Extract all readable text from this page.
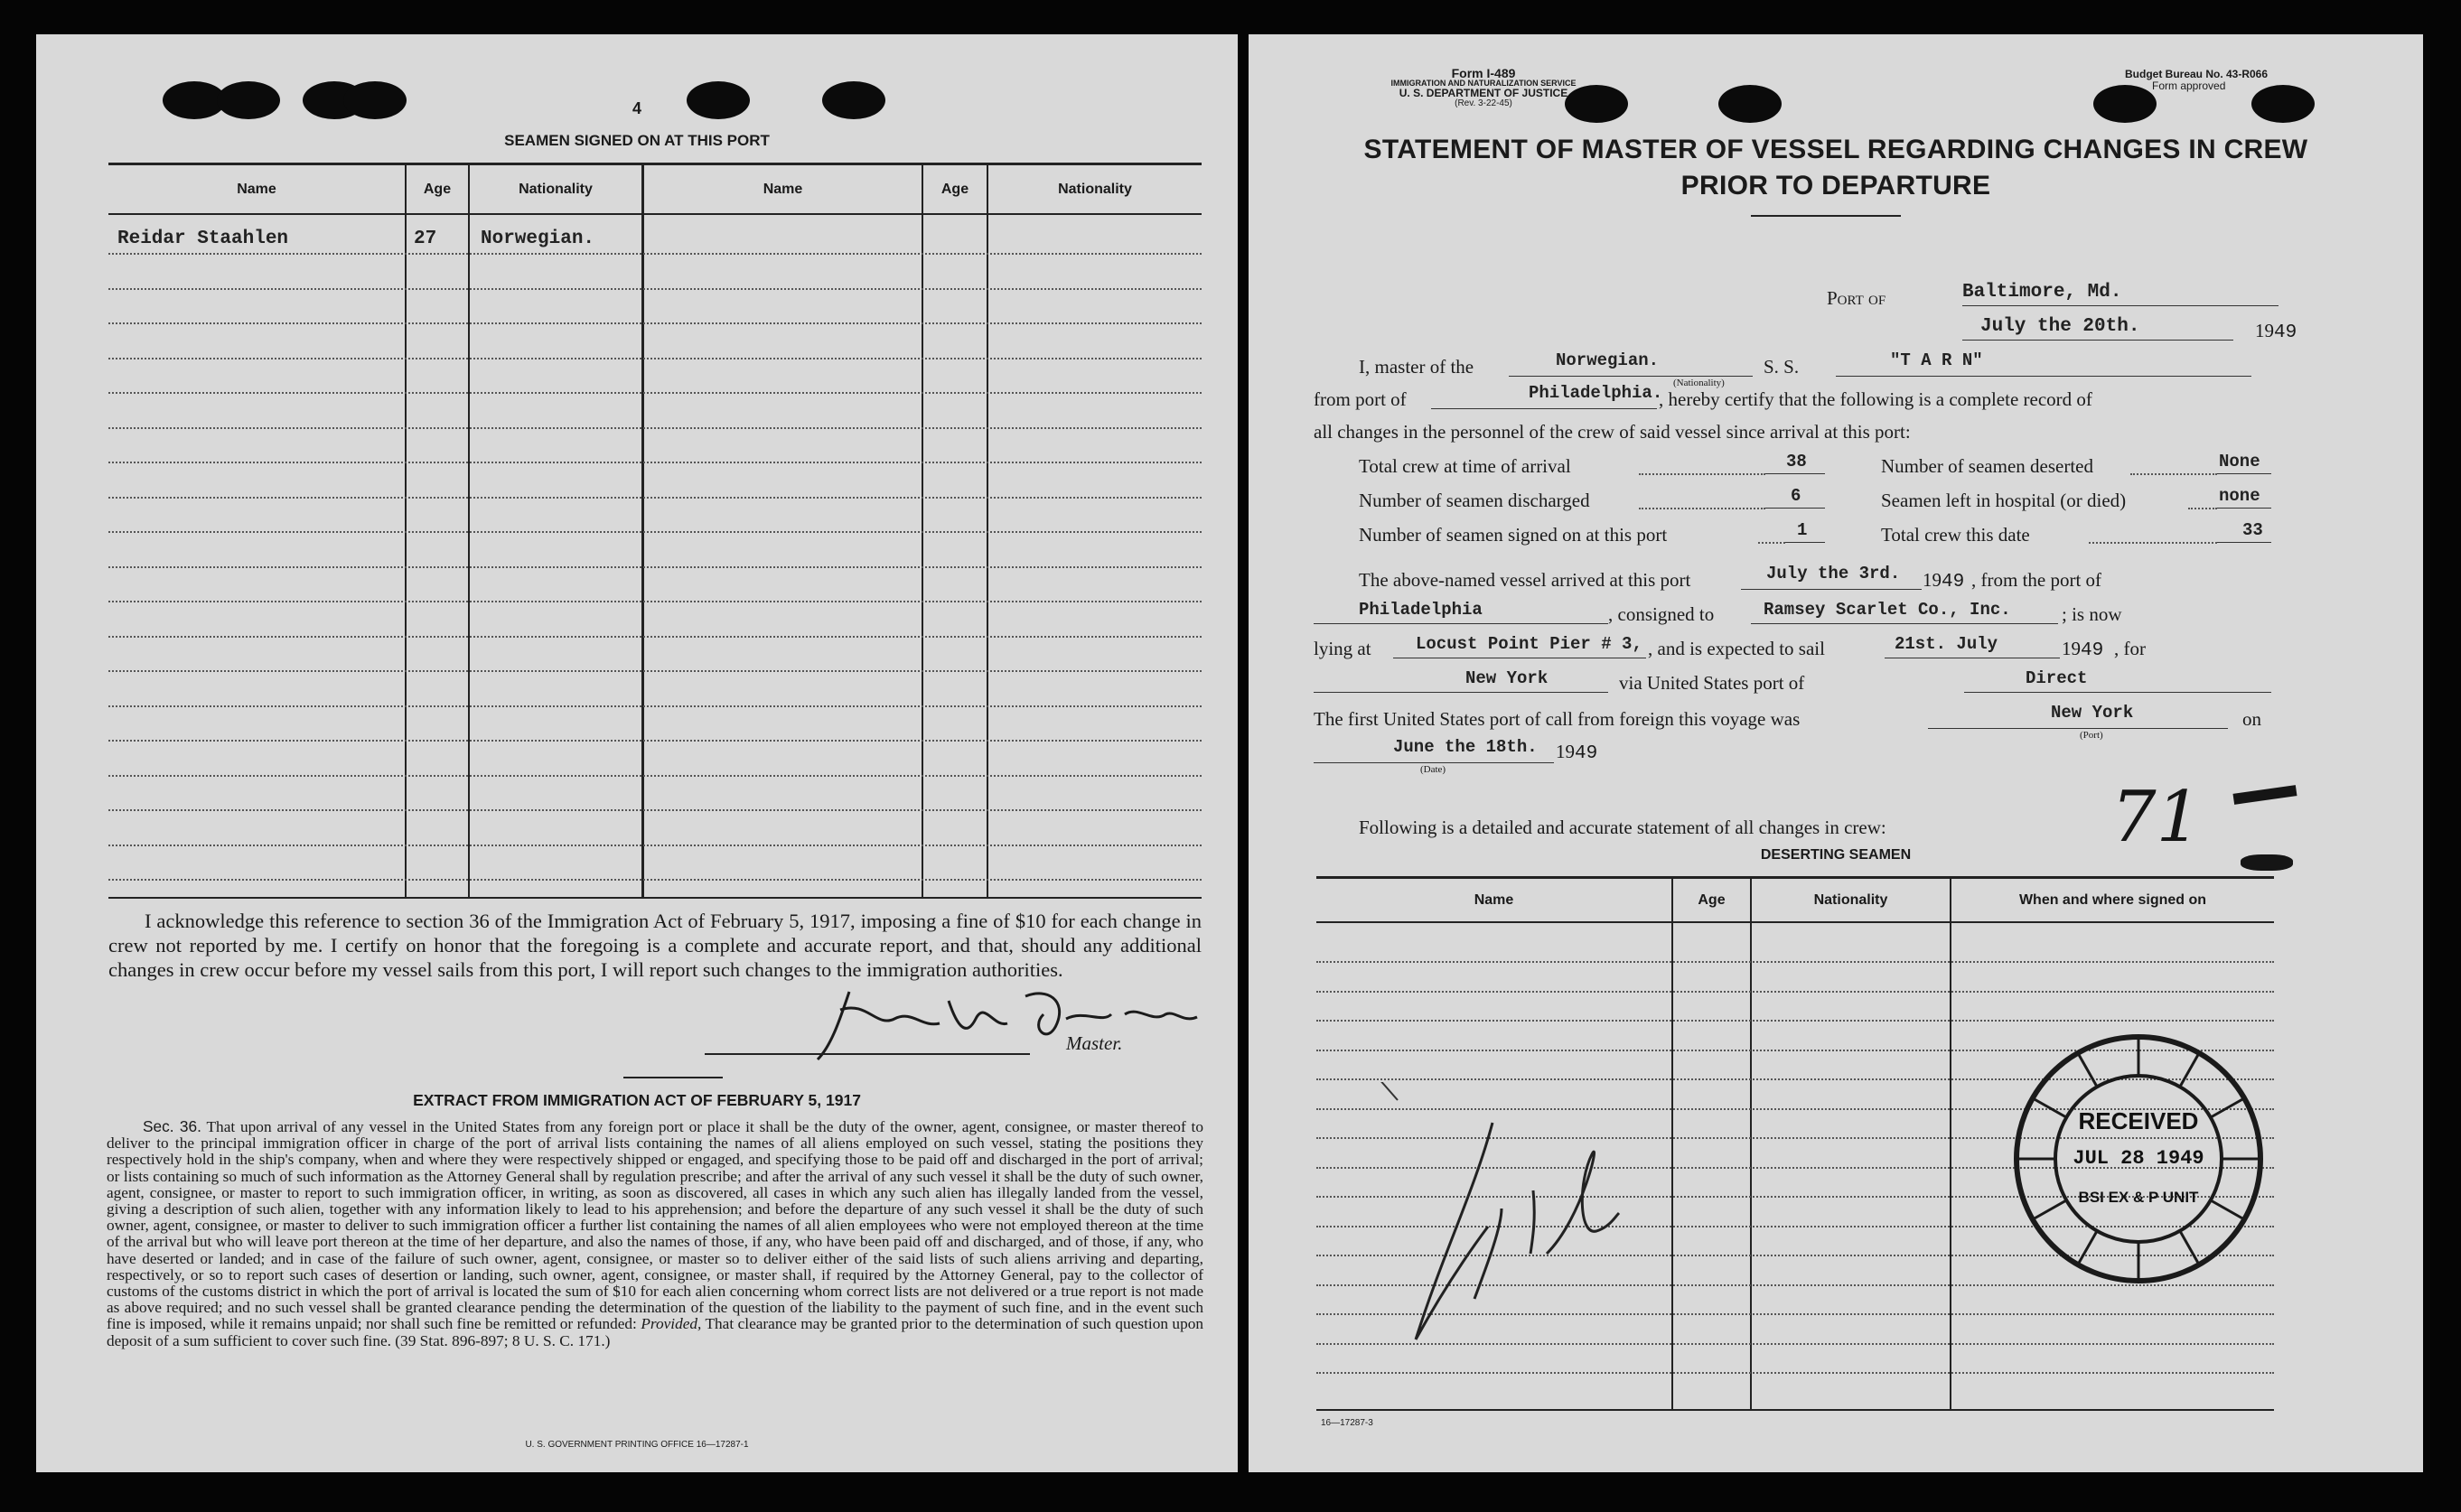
4
SEAMEN SIGNED ON AT THIS PORT
Name	Age	Nationality	Name	Age	Nationality
Reidar Staahlen	27 Norwegian.
I acknowledge this reference to section 36 of the Immigration Act of February 5, 1917, imposing a fine of $10 for each change in crew not reported by me. I certify on honor that the foregoing is a complete and accurate report, and that, should any additional changes in crew occur before my vessel sails from this port, I will report such changes to the immigration authorities.
Master.
EXTRACT FROM IMMIGRATION ACT OF FEBRUARY 5, 1917
Sec. 36. That upon arrival of any vessel in the United States from any foreign port or place it shall be the duty of the owner, agent, consignee, or master thereof to deliver to the principal immigration officer in charge of the port of arrival lists containing the names of all aliens employed on such vessel, stating the positions they respectively hold in the ship's company, when and where they were respectively shipped or engaged, and specifying those to be paid off and discharged in the port of arrival; or lists containing so much of such information as the Attorney General shall by regulation prescribe; and after the arrival of any such vessel it shall be the duty of such owner, agent, consignee, or master to report to such immigration officer, in writing, as soon as discovered, all cases in which any such alien has illegally landed from the vessel, giving a description of such alien, together with any information likely to lead to his apprehension; and before the departure of any such vessel it shall be the duty of such owner, agent, consignee, or master to deliver to such immigration officer a further list containing the names of all alien employees who were not employed thereon at the time of the arrival but who will leave port thereon at the time of her departure, and also the names of those, if any, who have been paid off and discharged, and of those, if any, who have deserted or landed; and in case of the failure of such owner, agent, consignee, or master so to deliver either of the said lists of such aliens arriving and departing, respectively, or so to report such cases of desertion or landing, such owner, agent, consignee, or master shall, if required by the Attorney General, pay to the collector of customs of the customs district in which the port of arrival is located the sum of $10 for each alien concerning whom correct lists are not delivered or a true report is not made as above required; and no such vessel shall be granted clearance pending the determination of the question of the liability to the payment of such fine, and in the event such fine is imposed, while it remains unpaid; nor shall such fine be remitted or refunded: Provided, That clearance may be granted prior to the determination of such question upon deposit of a sum sufficient to cover such fine. (39 Stat. 896-897; 8 U. S. C. 171.)
U. S. GOVERNMENT PRINTING OFFICE 16—17287-1
Form I-489
IMMIGRATION AND NATURALIZATION SERVICE
U. S. DEPARTMENT OF JUSTICE
(Rev. 3-22-45)
Budget Bureau No. 43-R066
Form approved
STATEMENT OF MASTER OF VESSEL REGARDING CHANGES IN CREW
PRIOR TO DEPARTURE
Port of	Baltimore, Md.
July the 20th.	1949
I, master of the	Norwegian.
(Nationality)
S. S.	"T A R N"
from port of	Philadelphia.
, hereby certify that the following is a complete record of
all changes in the personnel of the crew of said vessel since arrival at this port:
Total crew at time of arrival	38
Number of seamen discharged	6
Number of seamen signed on at this port	1
Number of seamen deserted	None
Seamen left in hospital (or died)	none
Total crew this date	33
The above-named vessel arrived at this port	July the 3rd. 1949 , from the port of
Philadelphia	, consigned to	Ramsey Scarlet Co., Inc.	; is now
lying at	Locust Point Pier # 3, , and is expected to sail	21st. July	1949 , for
New York	via United States port of	Direct
The first United States port of call from foreign this voyage was	New York
(Port)
on
June the 18th.
(Date)
1949
Following is a detailed and accurate statement of all changes in crew:	71
DESERTING SEAMEN
Name	Age	Nationality	When and where signed on
RECEIVED
JUL 28 1949
BSI EX & P UNIT
16—17287-3
